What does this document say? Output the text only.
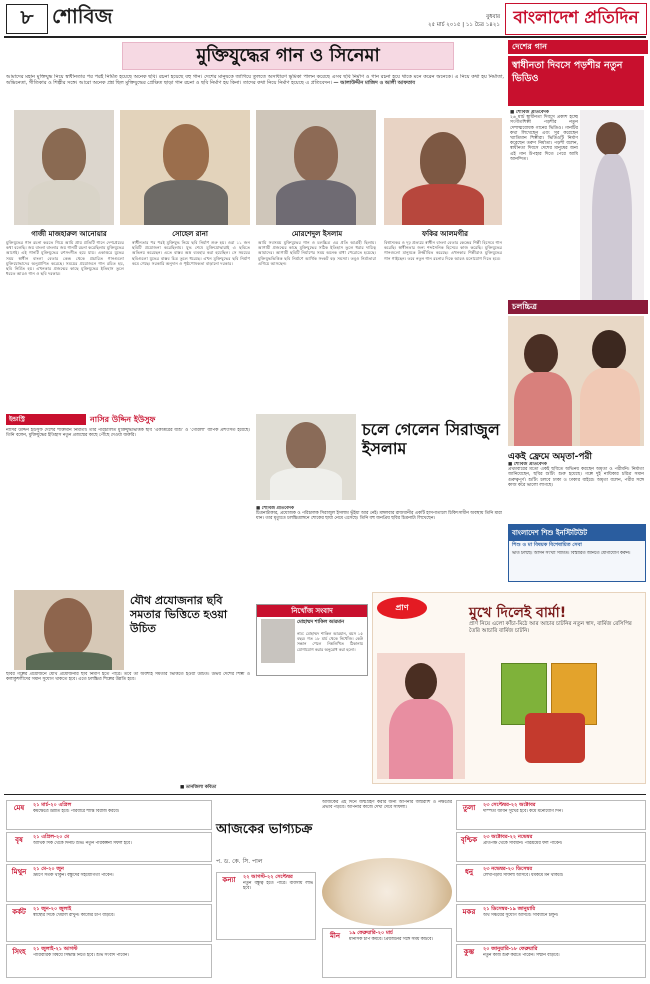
৮ শোবিজ	বুধবার
২৫ মার্চ ২০১৫ | ১১ চৈত্র ১৪২১ বাংলাদেশ প্রতিদিন
মুক্তিযুদ্ধের গান ও সিনেমা
আমাদের মহান মুক্তিযুদ্ধ নিয়ে স্বাধীনতার পর পরই নির্মিত হয়েছে অনেক ছবি। রচনা হয়েছে বহু গান। দেশের মানুষকে জাগিয়ে তুলতে অসাধারণ ভূমিকা পালন করেছে এসব ছবি নির্মাণ ও গান রচনা হয়ে থাকে মনে করেন অনেকে। এ নিয়ে কথা হয় নির্মাতা, অভিনেতা, গীতিকার ও শিল্পীর সঙ্গে। আরো অনেক প্রশ্ন ছিল মুক্তিযুদ্ধের প্রেক্ষিত ছাড়া গান রচনা ও ছবি নির্মাণ হয় কিনা। তাদের কথা নিয়ে নির্মাণ হয়েছে এ প্রতিবেদন। — আলাউদ্দীন মাজিদ ও আলী আফতাব
গাজী মাজহারুল আনোয়ার	সোহেল রানা	মোরশেদুল ইসলাম	ফকির আলমগীর
মুক্তিযুদ্ধের গান রচনা করতে গিয়ে আমি প্রায় প্রতিটি গানে দেশপ্রেমের কথা বলেছি। জয় বাংলা বাংলার জয় গানটি রচনা করেছিলাম মুক্তিযুদ্ধের আগেই। এই গানটি মুক্তিযুদ্ধের রণসংগীত হয়ে যায়। একাত্তরে যুদ্ধের সময় স্বাধীন বাংলা বেতার কেন্দ্র থেকে প্রচারিত গানগুলো মুক্তিযোদ্ধাদের অনুপ্রাণিত করেছে। সময়ের প্রয়োজনে গান রচিত হয়, ছবি নির্মিত হয়। এখনকার প্রজন্মের কাছে মুক্তিযুদ্ধের ইতিহাস তুলে ধরতে আরও গান ও ছবি দরকার।
স্বাধীনতার পর পরই মুক্তিযুদ্ধ নিয়ে ছবি নির্মাণ শুরু হয়। ওরা ১১ জন ছবিটি প্রযোজনা করেছিলাম। যুদ্ধ শেষে মুক্তিযোদ্ধারাই এ ছবিতে অভিনয় করেছেন। এতে বাস্তব অস্ত্র ব্যবহার করা হয়েছিল। সে সময়ের ছবিগুলো যুদ্ধের বাস্তব চিত্র তুলে ধরেছে। এখন মুক্তিযুদ্ধের ছবি নির্মাণ কমে গেছে। সরকারি অনুদান ও পৃষ্ঠপোষকতা বাড়ানো দরকার।
আমি সবসময় মুক্তিযুদ্ধের গান ও চলচ্চিত্র এর প্রতি আগ্রহী ছিলাম। আগামী প্রজন্মের কাছে মুক্তিযুদ্ধের সঠিক ইতিহাস তুলে ধরার দায়িত্ব আমাদের। আগামী ছবিটি নির্মাণের সময় অনেক বাধা পেরোতে হয়েছে। মুক্তিযুদ্ধভিত্তিক ছবি নির্মাণে আর্থিক সংকট বড় সমস্যা। তবুও নির্মাতারা এগিয়ে আসছেন।
বিশ্বাস্যকর ও দৃঢ় প্রত্যয়ে স্বাধীন বাংলা বেতার কেন্দ্রের শিল্পী হিসেবে গান করেছি। স্বাধীনতার জন্য শব্দসৈনিক হিসেবে কাজ করেছি। মুক্তিযুদ্ধের গানগুলো মানুষকে উজ্জীবিত করেছে। এখনকার শিল্পীরাও মুক্তিযুদ্ধের গান গাইছেন। তবে নতুন গান রচনার দিকে আরও মনোযোগ দিতে হবে।
দেশের গান
স্বাধীনতা দিবসে পড়শীর নতুন ভিডিও
■ শোবিজ প্রতিবেদক
২৬ মার্চ স্বাধীনতা দিবসে প্রকাশ হচ্ছে সংগীতশিল্পী পড়শীর নতুন দেশাত্মবোধক গানের ভিডিও। গানটির কথা লিখেছেন এবং সুর করেছেন খ্যাতিমান শিল্পীরা। ভিডিওটি নির্মাণ করেছেন তরুণ নির্মাতা। পড়শী বলেন, স্বাধীনতা দিবসে দেশের মানুষের জন্য এই গান উপহার দিতে পেরে আমি আনন্দিত।
চলচ্চিত্র
একই ফ্রেমে অমৃতা-পরী
■ শোবিজ প্রতিবেদক
প্রথমবারের মতো একই ছবিতে অভিনয় করছেন অমৃতা ও পরীমনি। নির্মাতা জানিয়েছেন, ছবির শুটিং শুরু হয়েছে। গল্পে দুই নায়িকার চরিত্র সমান গুরুত্বপূর্ণ। শুটিং চলবে ঢাকা ও ঢাকার বাইরে। অমৃতা বলেন, পরীর সঙ্গে কাজ করে ভালো লাগছে।
ইন্ডাস্ট্রি	নাসির উদ্দিন ইউসুফ
নাসির উদ্দিন ইউসুফ দেশের শক্তিমান নির্মাতা। তার পরিচালিত মুক্তিযুদ্ধভিত্তিক ছবি 'একাত্তরের যীশু' ও 'গেরিলা' ব্যাপক প্রশংসিত হয়েছে। তিনি বলেন, মুক্তিযুদ্ধের ইতিহাস নতুন প্রজন্মের কাছে পৌঁছে দেওয়া জরুরি।
যৌথ প্রযোজনার ছবি সমতার ভিত্তিতে হওয়া উচিত
ছবির গল্পের প্রয়োজনে যৌথ প্রযোজনার ছবি নির্মাণ হতে পারে। তবে তা অবশ্যই সমতার ভিত্তিতে হওয়া উচিত। উভয় দেশের শিল্পী ও কলাকুশলীদের সমান সুযোগ থাকতে হবে। এতে চলচ্চিত্র শিল্পের উন্নতি হবে।
■ তানজিলা কবিতা
চলে গেলেন সিরাজুল ইসলাম
■ শোবিজ প্রতিবেদক
চিত্রনাট্যকার, প্রযোজক ও পরিচালক সিরাজুল ইসলাম ভূঁইয়া আর নেই। মঙ্গলবার রাজধানীর একটি হাসপাতালে চিকিৎসাধীন অবস্থায় তিনি মারা যান। তার মৃত্যুতে চলচ্চিত্রাঙ্গনে শোকের ছায়া নেমে এসেছে। তিনি বহু জনপ্রিয় ছবির চিত্রনাট্য লিখেছেন।
বাংলাদেশ শিশু ইনস্টিটিউট
শিশু ও মা বিষয়ক বিশেষায়িত সেবা
ভর্তি চলছে। আসন সংখ্যা সীমিত। বিস্তারিত জানতে যোগাযোগ করুন।
নিখোঁজ সংবাদ
মোহাম্মদ শাকিল আরমান
নাম: মোহাম্মদ শাকিল আরমান, বয়স ১৫ বছর। গত ১৮ মার্চ থেকে নিখোঁজ। কেউ সন্ধান পেলে নিম্নলিখিত ঠিকানায় যোগাযোগ করার অনুরোধ করা হলো।
প্রাণ	মুখে দিলেই বার্মা!
প্রাণ নিয়ে এলো কাঁচা-মিঠে আর আচার চাটনির নতুন স্বাদ, বার্মিজ রেসিপির তৈরি আচারি বার্মিজ চাটনি।
আজকের ভাগ্যচক্র
প. ড. কে. সি. পাল
আজকের এই দিনে জন্মগ্রহণ করার জন্য আপনার জন্মরাশি ও নক্ষত্রের প্রভাব পড়বে। আপনার কাজে দেখা দেবে সাফল্য।
মেষ	২১ মার্চ-২০ এপ্রিল
কর্মক্ষেত্রে উন্নতি হবে। পরিবারে শান্তি বিরাজ করবে।
বৃষ	২১ এপ্রিল-২০ মে
আর্থিক দিক থেকে দিনটি শুভ। নতুন পরিকল্পনা সফল হবে।
মিথুন	২১ মে-২০ জুন
ভ্রমণে সতর্ক থাকুন। বন্ধুদের সহযোগিতা পাবেন।
কর্কট	২১ জুন-২০ জুলাই
স্বাস্থ্যের দিকে খেয়াল রাখুন। কাজের চাপ বাড়বে।
সিংহ	২১ জুলাই-২১ আগস্ট
পারিবারিক বিষয়ে সিদ্ধান্ত নিতে হবে। শুভ সংবাদ পাবেন।
কন্যা	২২ আগস্ট-২২ সেপ্টেম্বর
নতুন বন্ধুত্ব হতে পারে। ব্যবসায় লাভ হবে।
তুলা	২৩ সেপ্টেম্বর-২২ অক্টোবর
দাম্পত্য জীবন সুখের হবে। কর্মে মনোযোগ দিন।
বৃশ্চিক	২৩ অক্টোবর-২২ নভেম্বর
প্রতিপক্ষ থেকে সাবধান। পরিশ্রমের ফল পাবেন।
ধনু	২৩ নভেম্বর-২০ ডিসেম্বর
লেখাপড়ায় সাফল্য আসবে। ধর্মকর্মে মন থাকবে।
মকর	২১ ডিসেম্বর-১৯ জানুয়ারি
অর্থ সঞ্চয়ের সুযোগ আসবে। সাবধানে চলুন।
কুম্ভ	২০ জানুয়ারি-১৮ ফেব্রুয়ারি
নতুন কাজ শুরু করতে পারেন। সম্মান বাড়বে।
মীন	১৯ ফেব্রুয়ারি-২০ মার্চ
মানসিক চাপ কমবে। প্রিয়জনের সঙ্গে সময় কাটবে।
